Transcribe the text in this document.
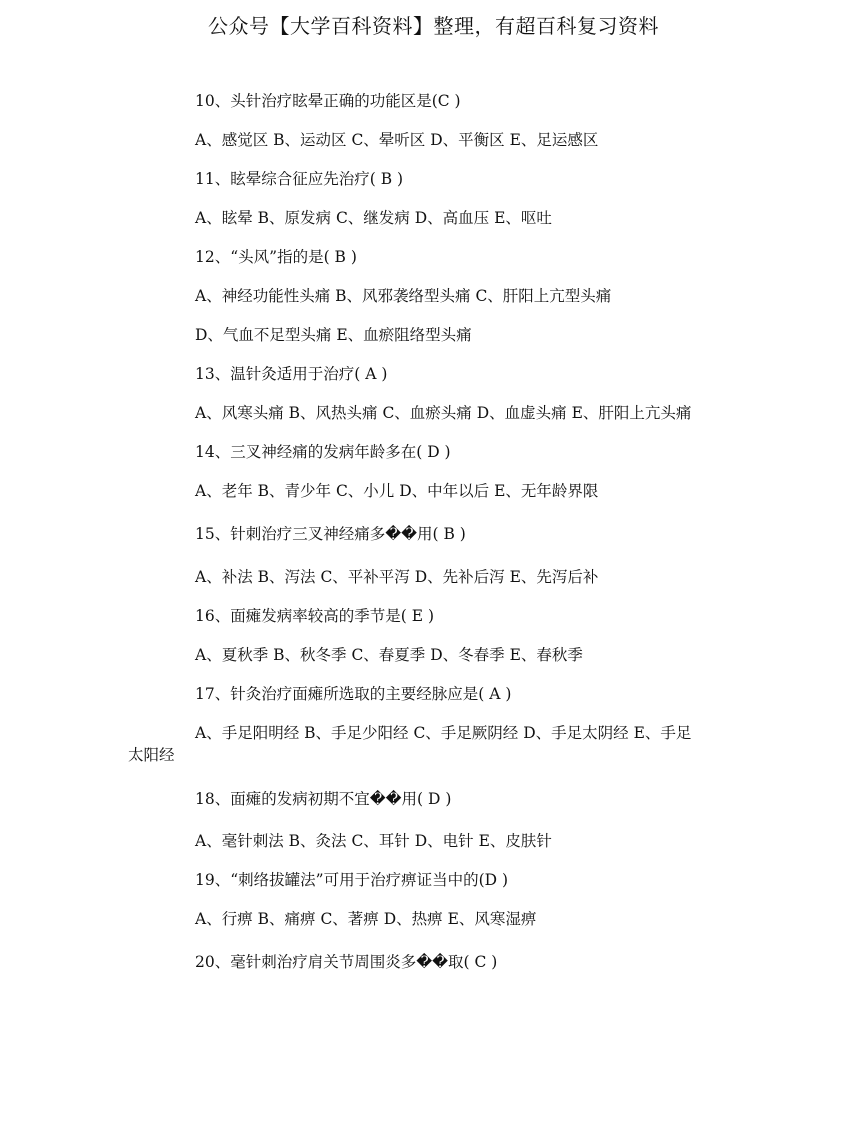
公众号【大学百科资料】整理，有超百科复习资料
10、头针治疗眩晕正确的功能区是(C )
A、感觉区 B、运动区 C、晕听区 D、平衡区 E、足运感区
11、眩晕综合征应先治疗( B )
A、眩晕 B、原发病 C、继发病 D、高血压 E、呕吐
12、“头风”指的是( B )
A、神经功能性头痛 B、风邪袭络型头痛 C、肝阳上亢型头痛
D、气血不足型头痛 E、血瘀阻络型头痛
13、温针灸适用于治疗( A )
A、风寒头痛 B、风热头痛 C、血瘀头痛 D、血虚头痛 E、肝阳上亢头痛
14、三叉神经痛的发病年龄多在( D )
A、老年 B、青少年 C、小儿 D、中年以后 E、无年龄界限
15、针刺治疗三叉神经痛多��用( B )
A、补法 B、泻法 C、平补平泻 D、先补后泻 E、先泻后补
16、面瘫发病率较高的季节是( E )
A、夏秋季 B、秋冬季 C、春夏季 D、冬春季 E、春秋季
17、针灸治疗面瘫所选取的主要经脉应是( A )
A、手足阳明经 B、手足少阳经 C、手足厥阴经 D、手足太阴经 E、手足
太阳经
18、面瘫的发病初期不宜��用( D )
A、毫针刺法 B、灸法 C、耳针 D、电针 E、皮肤针
19、“刺络拔罐法”可用于治疗痹证当中的(D )
A、行痹 B、痛痹 C、著痹 D、热痹 E、风寒湿痹
20、毫针刺治疗肩关节周围炎多��取( C )
